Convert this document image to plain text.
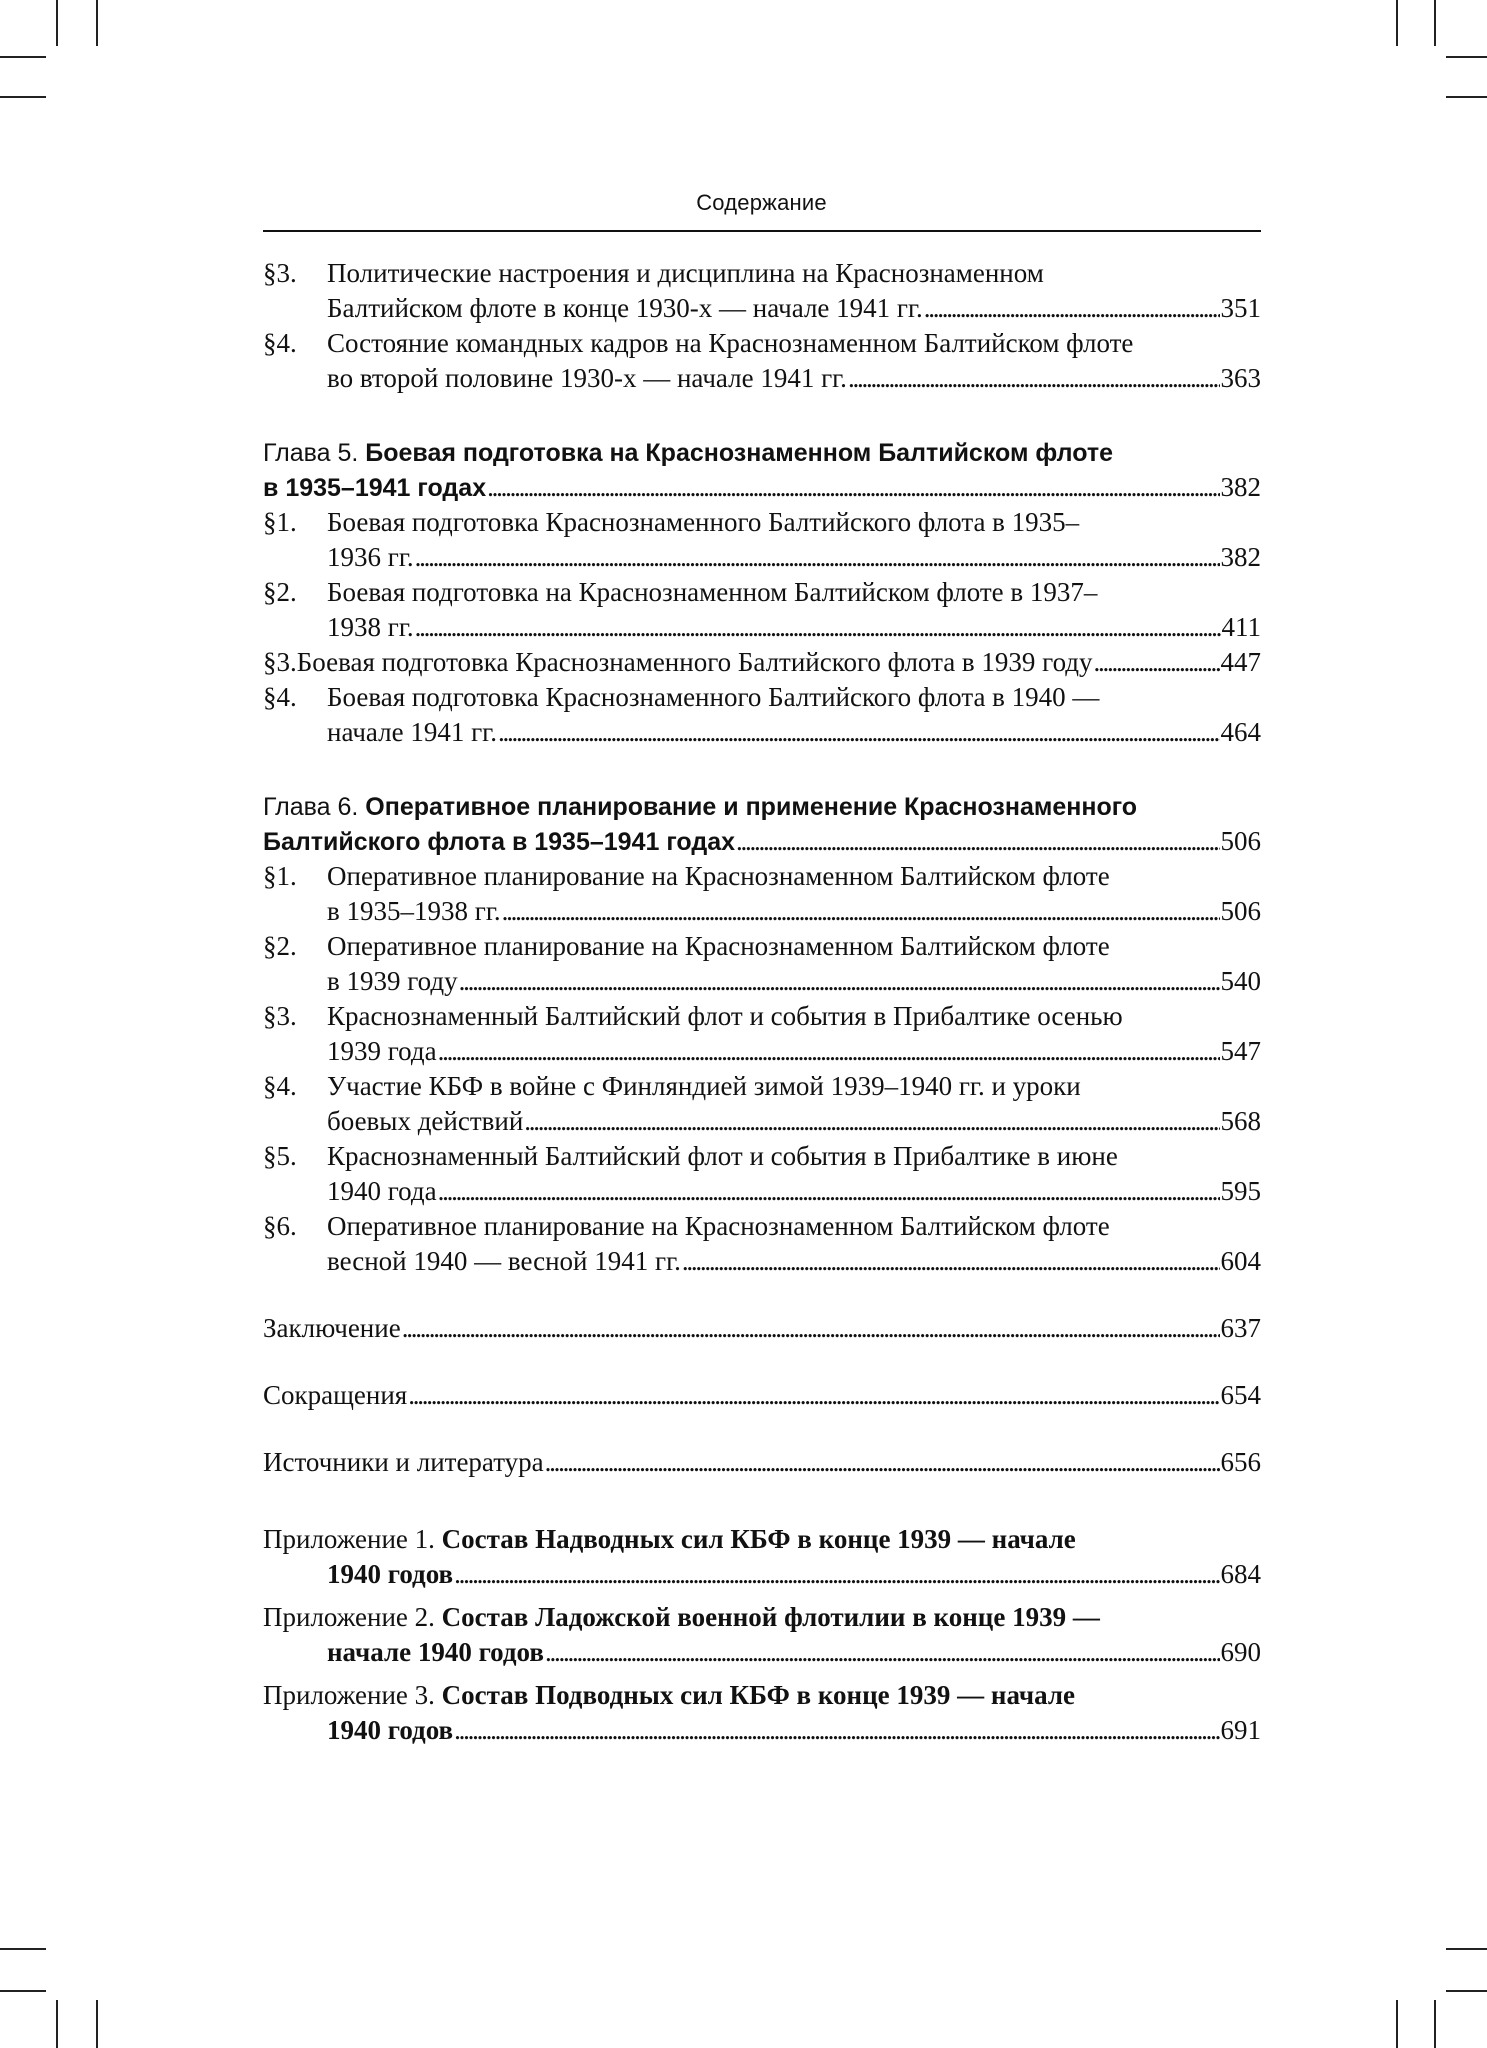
Содержание
§3. Политические настроения и дисциплина на Краснознаменном
Балтийском флоте в конце 1930-х — начале 1941 гг. . . .	351
§4. Состояние командных кадров на Краснознаменном Балтийском флоте
во второй половине 1930-х — начале 1941 гг. . . .	363
Глава 5. Боевая подготовка на Краснознаменном Балтийском флоте
в 1935–1941 годах . . .	382
§1. Боевая подготовка Краснознаменного Балтийского флота в 1935–
1936 гг. . . .	382
§2. Боевая подготовка на Краснознаменном Балтийском флоте в 1937–
1938 гг. . . .	411
§3. Боевая подготовка Краснознаменного Балтийского флота в 1939 году . . .	447
§4. Боевая подготовка Краснознаменного Балтийского флота в 1940 —
начале 1941 гг. . . .	464
Глава 6. Оперативное планирование и применение Краснознаменного
Балтийского флота в 1935–1941 годах . . .	506
§1. Оперативное планирование на Краснознаменном Балтийском флоте
в 1935–1938 гг. . . .	506
§2. Оперативное планирование на Краснознаменном Балтийском флоте
в 1939 году . . .	540
§3. Краснознаменный Балтийский флот и события в Прибалтике осенью
1939 года . . .	547
§4. Участие КБФ в войне с Финляндией зимой 1939–1940 гг. и уроки
боевых действий . . .	568
§5. Краснознаменный Балтийский флот и события в Прибалтике в июне
1940 года . . .	595
§6. Оперативное планирование на Краснознаменном Балтийском флоте
весной 1940 — весной 1941 гг. . . .	604
Заключение . . .	637
Сокращения . . .	654
Источники и литература . . .	656
Приложение 1. Состав Надводных сил КБФ в конце 1939 — начале
1940 годов . . .	684
Приложение 2. Состав Ладожской военной флотилии в конце 1939 —
начале 1940 годов . . .	690
Приложение 3. Состав Подводных сил КБФ в конце 1939 — начале
1940 годов . . .	691
